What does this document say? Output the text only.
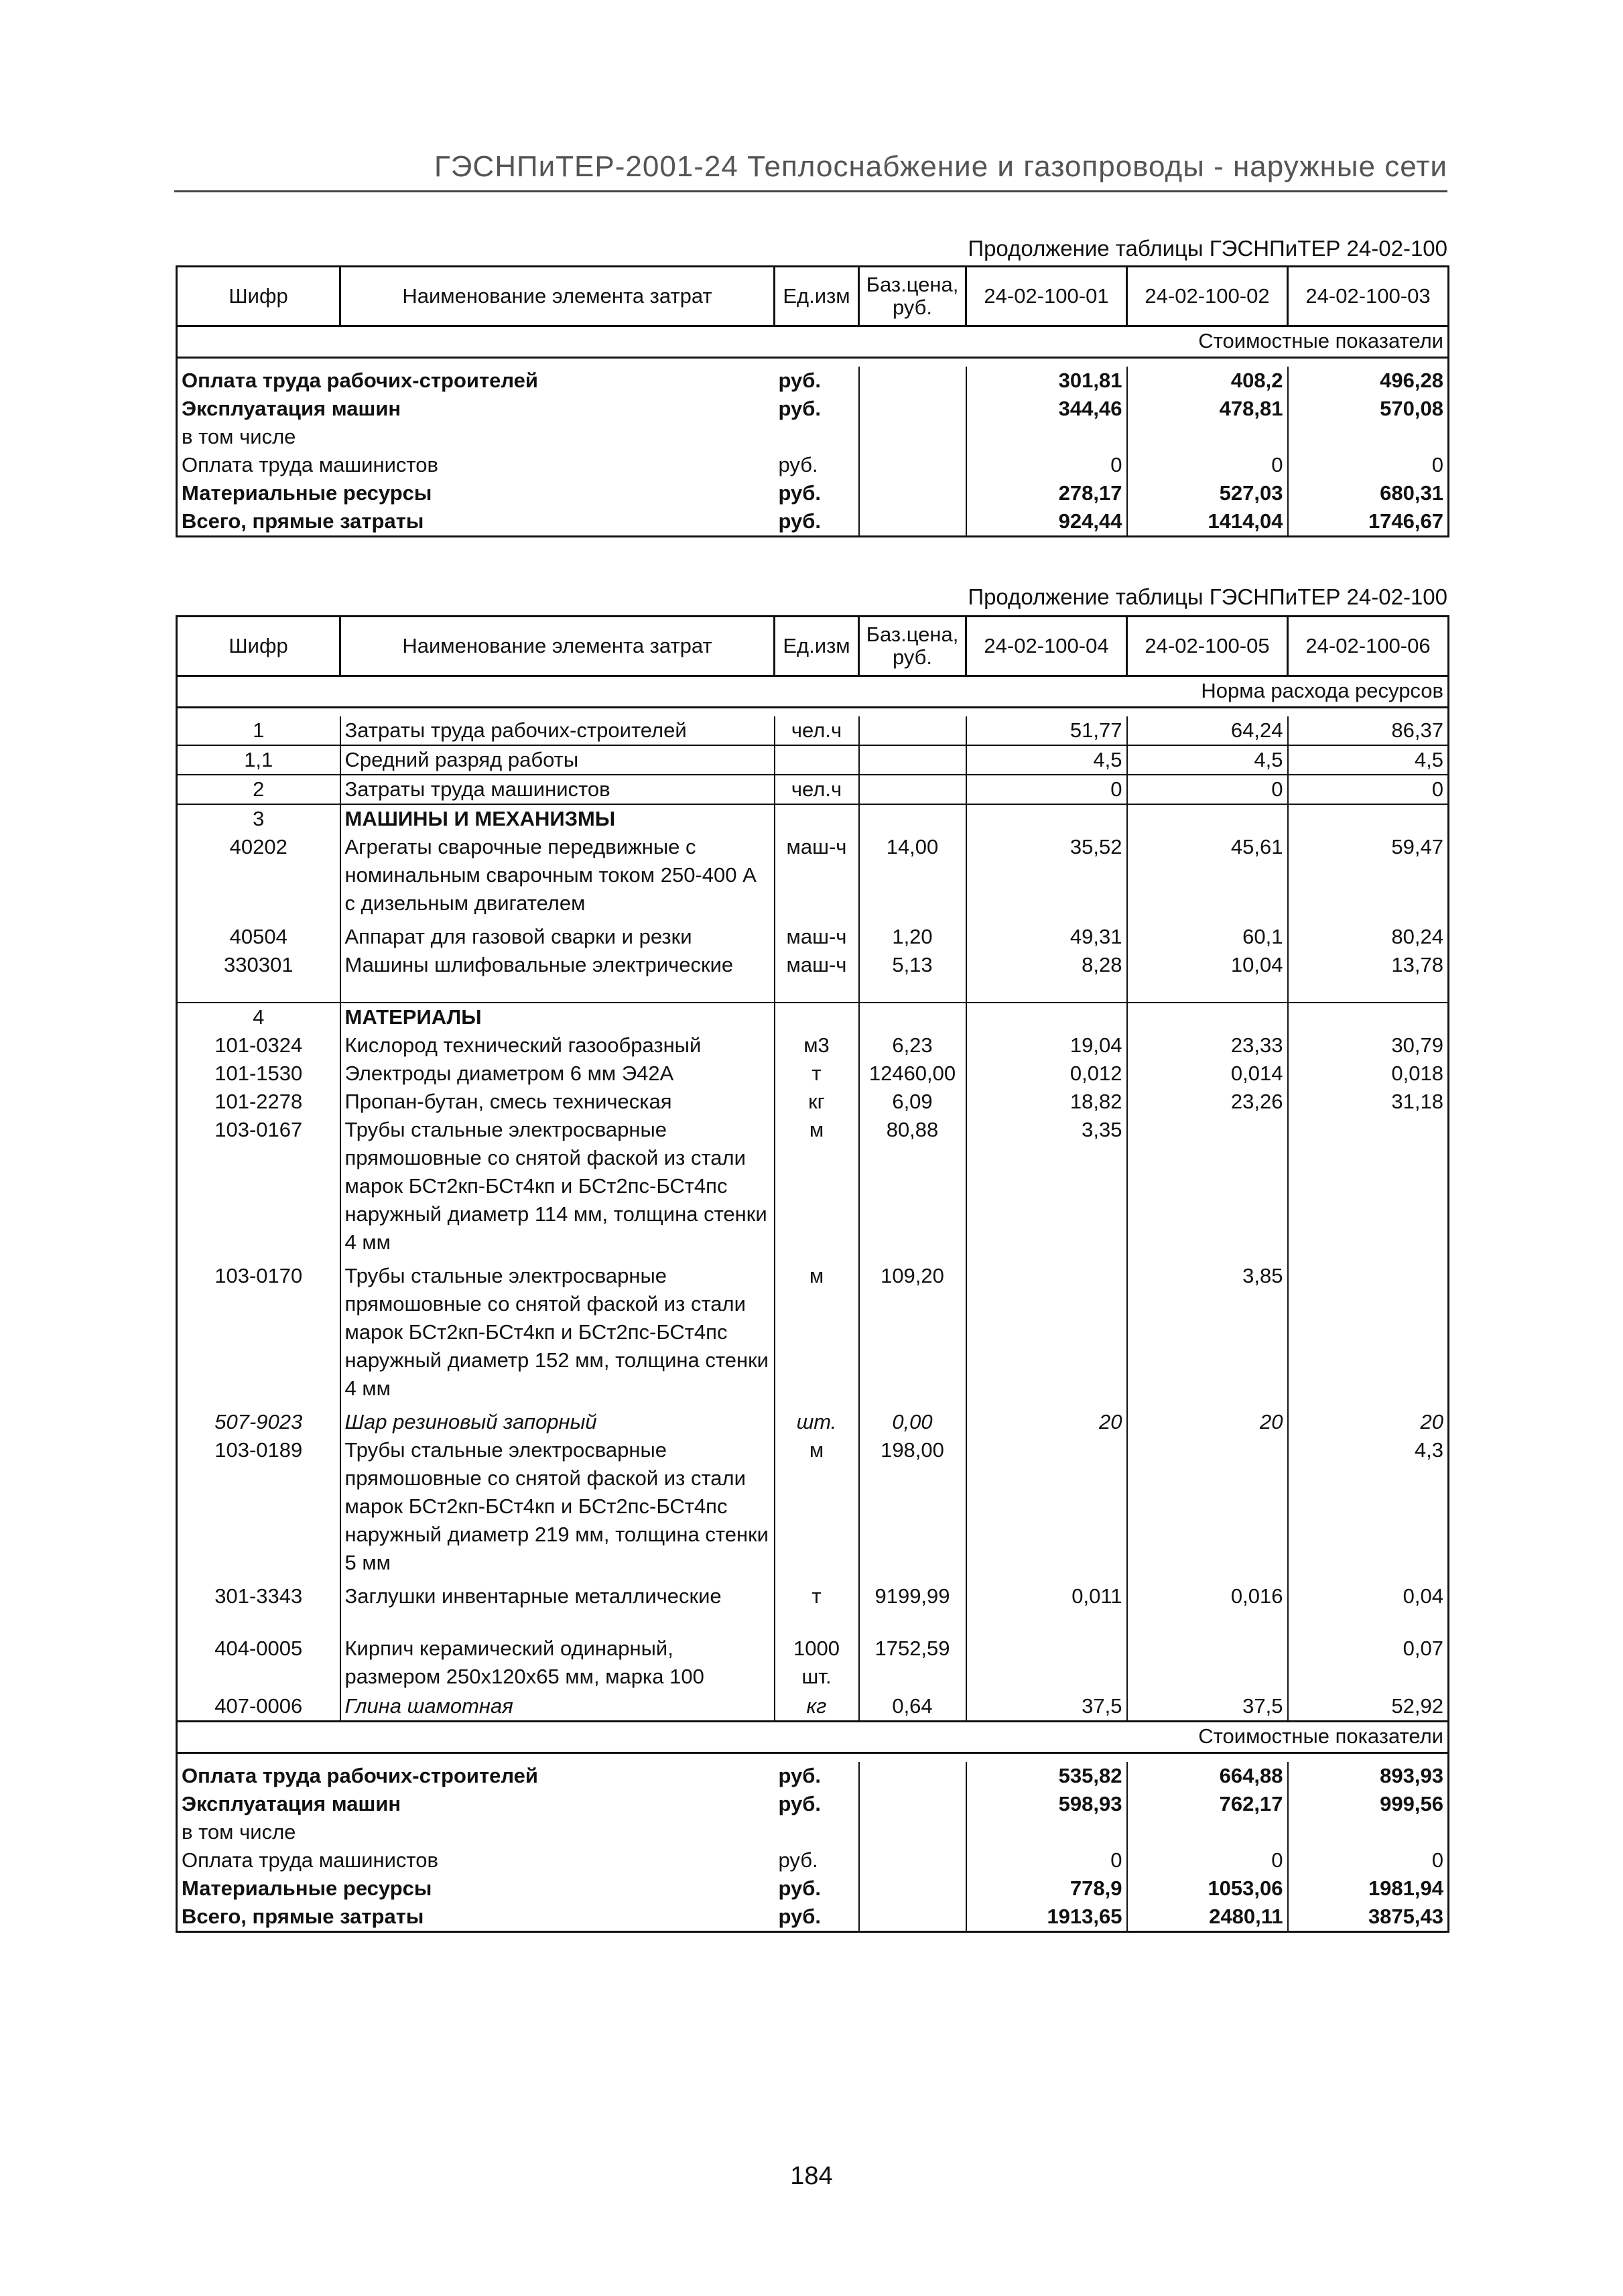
ГЭСНПиТЕР-2001-24 Теплоснабжение и газопроводы - наружные сети
Продолжение таблицы ГЭСНПиТЕР 24-02-100
Шифр	Наименование элемента затрат	Ед.изм	Баз.цена, руб.	24-02-100-01	24-02-100-02	24-02-100-03
Стоимостные показатели						

Оплата труда рабочих-строителей		руб.		301,81	408,2	496,28
Эксплуатация машин		руб.		344,46	478,81	570,08
в том числе						
Оплата труда машинистов		руб.		0	0	0
Материальные ресурсы		руб.		278,17	527,03	680,31
Всего, прямые затраты		руб.		924,44	1414,04	1746,67
Продолжение таблицы ГЭСНПиТЕР 24-02-100
Шифр	Наименование элемента затрат	Ед.изм	Баз.цена, руб.	24-02-100-04	24-02-100-05	24-02-100-06
Норма расхода ресурсов						

1	Затраты труда рабочих-строителей	чел.ч		51,77	64,24	86,37
1,1	Средний разряд работы			4,5	4,5	4,5
2	Затраты труда машинистов	чел.ч		0	0	0
3	МАШИНЫ И МЕХАНИЗМЫ					
40202	Агрегаты сварочные передвижные с номинальным сварочным током 250-400 А с дизельным двигателем	маш-ч	14,00	35,52	45,61	59,47
40504	Аппарат для газовой сварки и резки	маш-ч	1,20	49,31	60,1	80,24
330301	Машины шлифовальные электрические	маш-ч	5,13	8,28	10,04	13,78

4	МАТЕРИАЛЫ					
101-0324	Кислород технический газообразный	м3	6,23	19,04	23,33	30,79
101-1530	Электроды диаметром 6 мм Э42А	т	12460,00	0,012	0,014	0,018
101-2278	Пропан-бутан, смесь техническая	кг	6,09	18,82	23,26	31,18
103-0167	Трубы стальные электросварные прямошовные со снятой фаской из стали марок БСт2кп-БСт4кп и БСт2пс-БСт4пс наружный диаметр 114 мм, толщина стенки 4 мм	м	80,88	3,35		
103-0170	Трубы стальные электросварные прямошовные со снятой фаской из стали марок БСт2кп-БСт4кп и БСт2пс-БСт4пс наружный диаметр 152 мм, толщина стенки 4 мм	м	109,20		3,85	
507-9023	Шар резиновый запорный	шт.	0,00	20	20	20
103-0189	Трубы стальные электросварные прямошовные со снятой фаской из стали марок БСт2кп-БСт4кп и БСт2пс-БСт4пс наружный диаметр 219 мм, толщина стенки 5 мм	м	198,00			4,3
301-3343	Заглушки инвентарные металлические	т	9199,99	0,011	0,016	0,04
404-0005	Кирпич керамический одинарный, размером 250х120х65 мм, марка 100	1000 шт.	1752,59			0,07
407-0006	Глина шамотная	кг	0,64	37,5	37,5	52,92
Стоимостные показатели						

Оплата труда рабочих-строителей		руб.		535,82	664,88	893,93
Эксплуатация машин		руб.		598,93	762,17	999,56
в том числе						
Оплата труда машинистов		руб.		0	0	0
Материальные ресурсы		руб.		778,9	1053,06	1981,94
Всего, прямые затраты		руб.		1913,65	2480,11	3875,43
184
